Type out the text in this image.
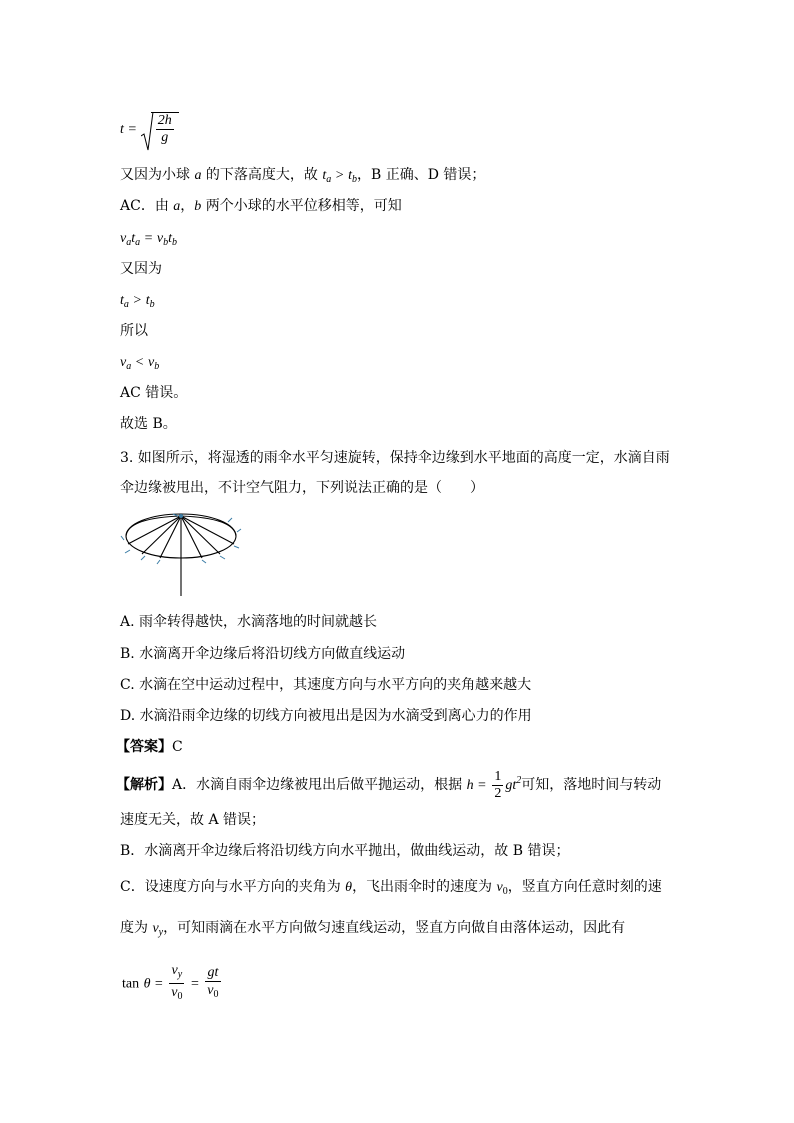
$t = \frac{2h}{g}$
又因为小球 a 的下落高度大，故 $t_a > t_b$，B 正确、D 错误；
AC．由 a，b 两个小球的水平位移相等，可知
$v_at_a = v_bt_b$
又因为
$t_a > t_b$
所以
$v_a < v_b$
AC 错误。
故选 B。
3. 如图所示，将湿透的雨伞水平匀速旋转，保持伞边缘到水平地面的高度一定，水滴自雨
伞边缘被甩出，不计空气阻力，下列说法正确的是（　　）
A. 雨伞转得越快，水滴落地的时间就越长
B. 水滴离开伞边缘后将沿切线方向做直线运动
C. 水滴在空中运动过程中，其速度方向与水平方向的夹角越来越大
D. 水滴沿雨伞边缘的切线方向被甩出是因为水滴受到离心力的作用
【答案】C
【解析】A．水滴自雨伞边缘被甩出后做平抛运动，根据 $h = \frac{1}{2} gt^2$可知，落地时间与转动
速度无关，故 A 错误；
B．水滴离开伞边缘后将沿切线方向水平抛出，做曲线运动，故 B 错误；
C．设速度方向与水平方向的夹角为 θ，飞出雨伞时的速度为 $v_0$，竖直方向任意时刻的速
度为 $v_y$，可知雨滴在水平方向做匀速直线运动，竖直方向做自由落体运动，因此有
$\tan \theta = \frac{v_y}{v_0} = \frac{gt}{v_0}$
